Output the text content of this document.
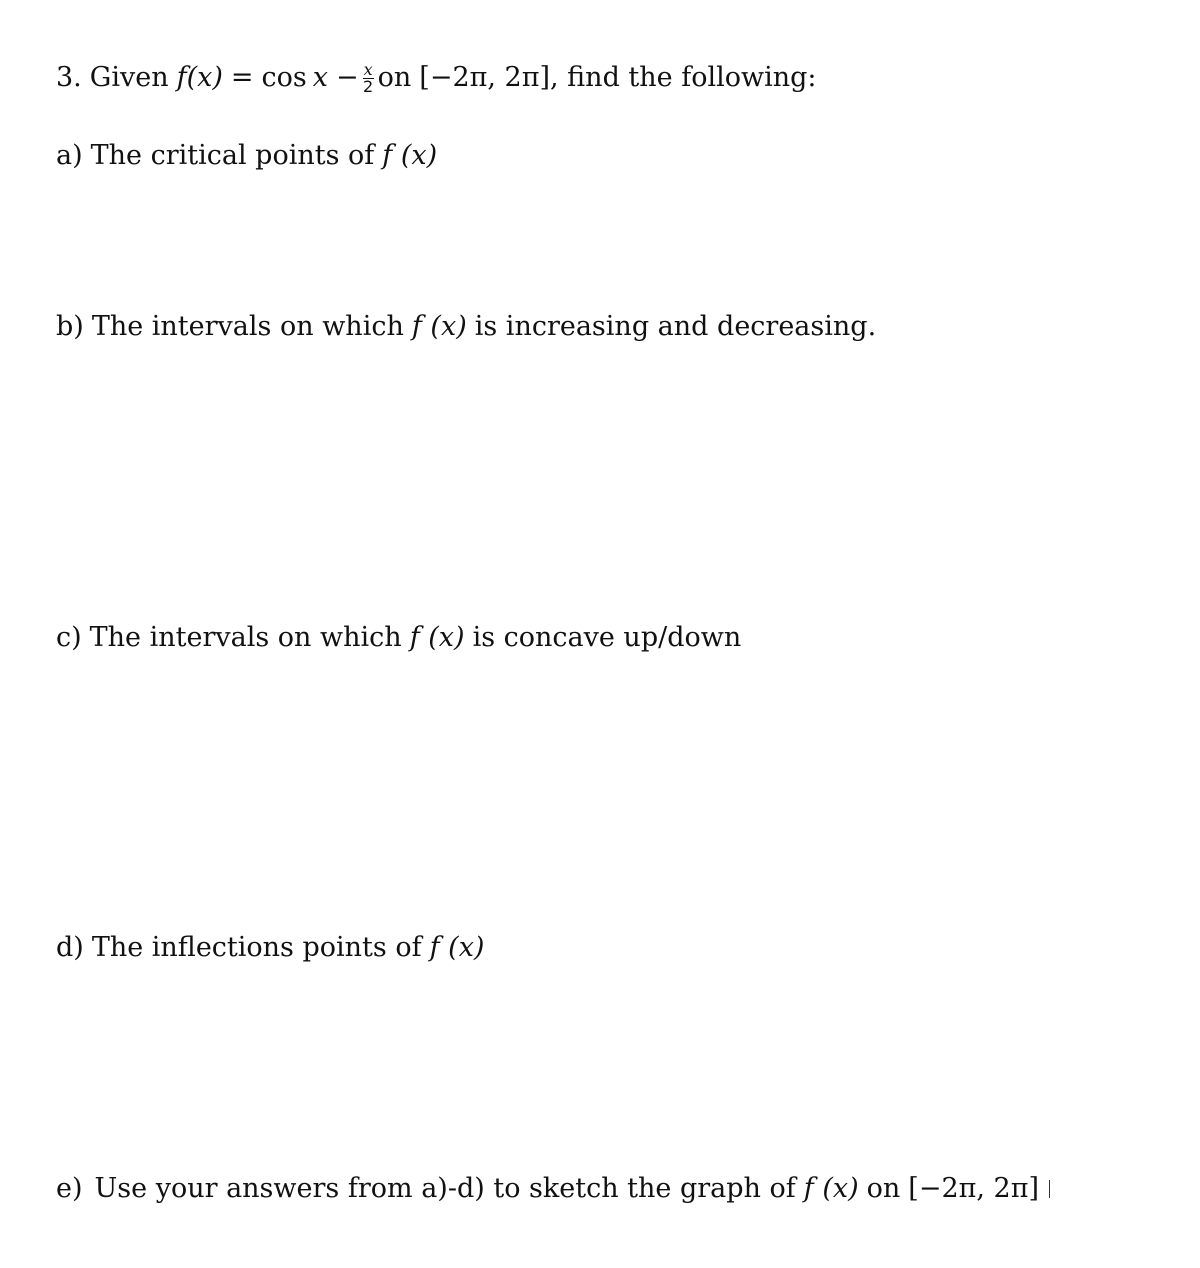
3. Given f $(x) = \cos x - \frac{x}{2}$ on [−2π, 2π] , find the following:
a) The critical points of f (x)
b) The intervals on which f (x) is increasing and decreasing.
c) The intervals on which f (x) is concave up/down
d) The inflections points of f (x)
e) Use your answers from a)-d) to sketch the graph of f (x) on [−2π, 2π]
